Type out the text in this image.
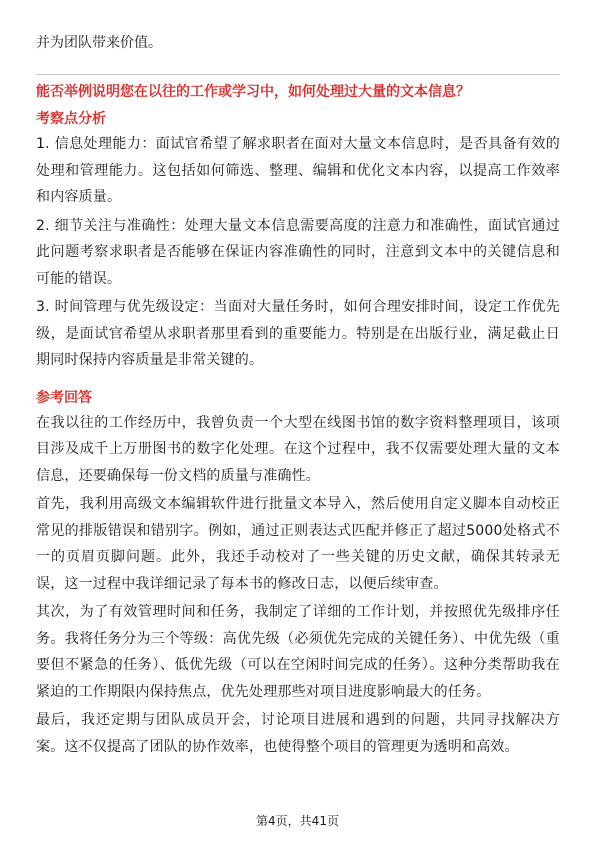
并为团队带来价值。

能否举例说明您在以往的工作或学习中，如何处理过大量的文本信息？

考察点分析

1. 信息处理能力：面试官希望了解求职者在面对大量文本信息时，是否具备有效的处理和管理能力。这包括如何筛选、整理、编辑和优化文本内容，以提高工作效率和内容质量。

2. 细节关注与准确性：处理大量文本信息需要高度的注意力和准确性，面试官通过此问题考察求职者是否能够在保证内容准确性的同时，注意到文本中的关键信息和可能的错误。

3. 时间管理与优先级设定：当面对大量任务时，如何合理安排时间，设定工作优先级，是面试官希望从求职者那里看到的重要能力。特别是在出版行业，满足截止日期同时保持内容质量是非常关键的。

参考回答

在我以往的工作经历中，我曾负责一个大型在线图书馆的数字资料整理项目，该项目涉及成千上万册图书的数字化处理。在这个过程中，我不仅需要处理大量的文本信息，还要确保每一份文档的质量与准确性。

首先，我利用高级文本编辑软件进行批量文本导入，然后使用自定义脚本自动校正常见的排版错误和错别字。例如，通过正则表达式匹配并修正了超过5000处格式不一的页眉页脚问题。此外，我还手动校对了一些关键的历史文献，确保其转录无误，这一过程中我详细记录了每本书的修改日志，以便后续审查。

其次，为了有效管理时间和任务，我制定了详细的工作计划，并按照优先级排序任务。我将任务分为三个等级：高优先级（必须优先完成的关键任务）、中优先级（重要但不紧急的任务）、低优先级（可以在空闲时间完成的任务）。这种分类帮助我在紧迫的工作期限内保持焦点，优先处理那些对项目进度影响最大的任务。

最后，我还定期与团队成员开会，讨论项目进展和遇到的问题，共同寻找解决方案。这不仅提高了团队的协作效率，也使得整个项目的管理更为透明和高效。

第4页，共41页
